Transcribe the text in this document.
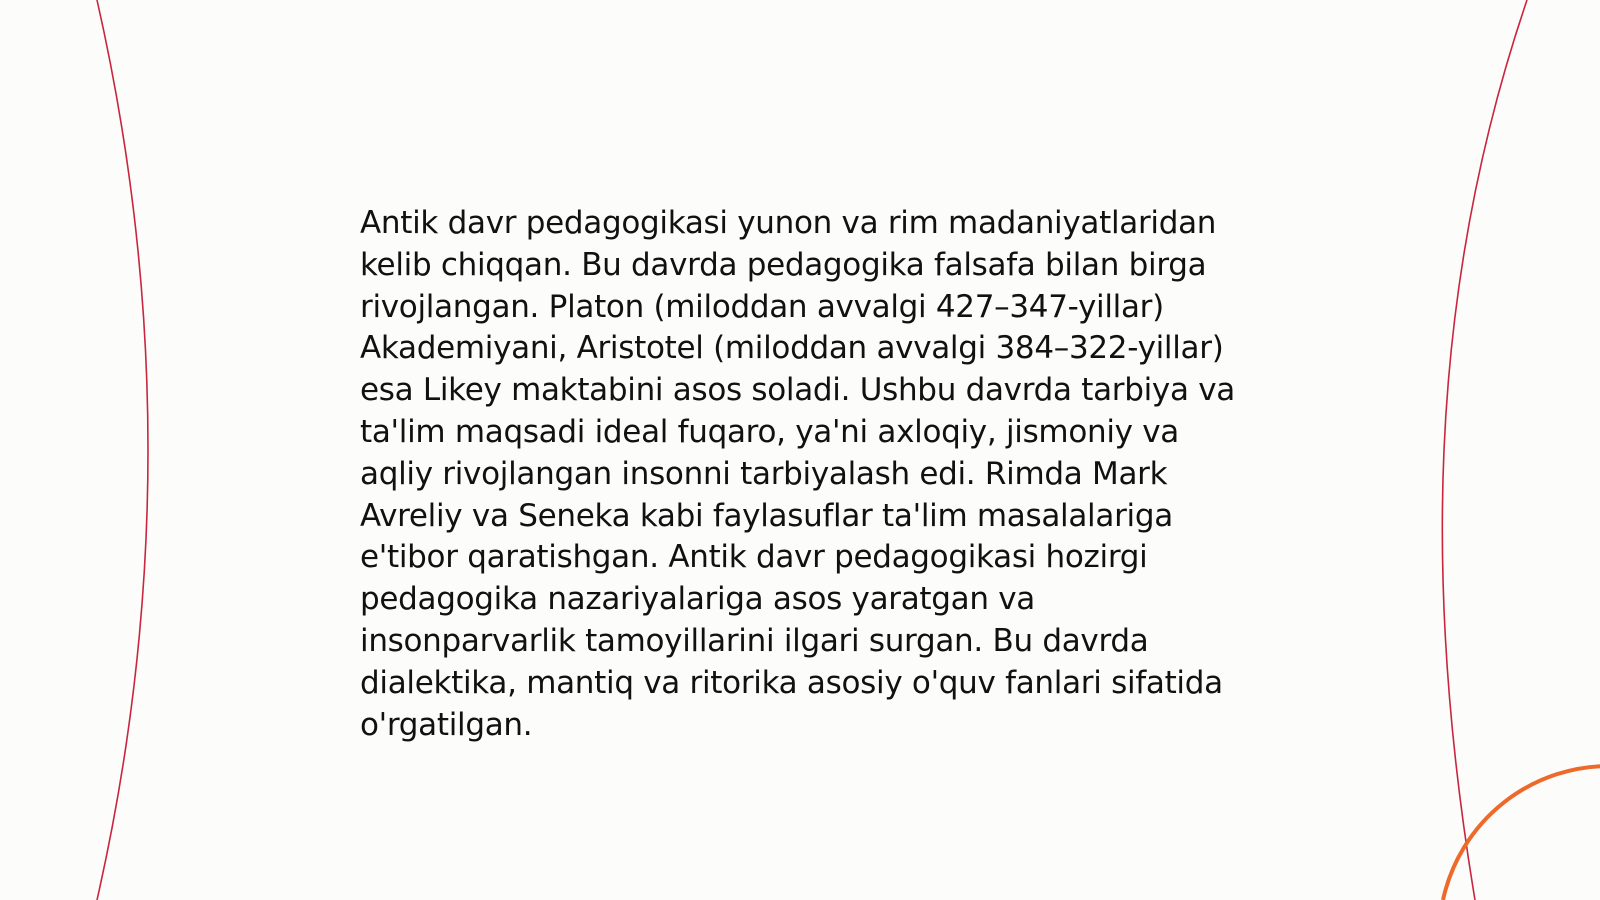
Antik davr pedagogikasi yunon va rim madaniyatlaridan kelib chiqqan. Bu davrda pedagogika falsafa bilan birga rivojlangan. Platon (miloddan avvalgi 427–347-yillar) Akademiyani, Aristotel (miloddan avvalgi 384–322-yillar) esa Likey maktabini asos soladi. Ushbu davrda tarbiya va ta'lim maqsadi ideal fuqaro, ya'ni axloqiy, jismoniy va aqliy rivojlangan insonni tarbiyalash edi. Rimda Mark Avreliy va Seneka kabi faylasuflar ta'lim masalalariga e'tibor qaratishgan. Antik davr pedagogikasi hozirgi pedagogika nazariyalariga asos yaratgan va insonparvarlik tamoyillarini ilgari surgan. Bu davrda dialektika, mantiq va ritorika asosiy o'quv fanlari sifatida o'rgatilgan.
